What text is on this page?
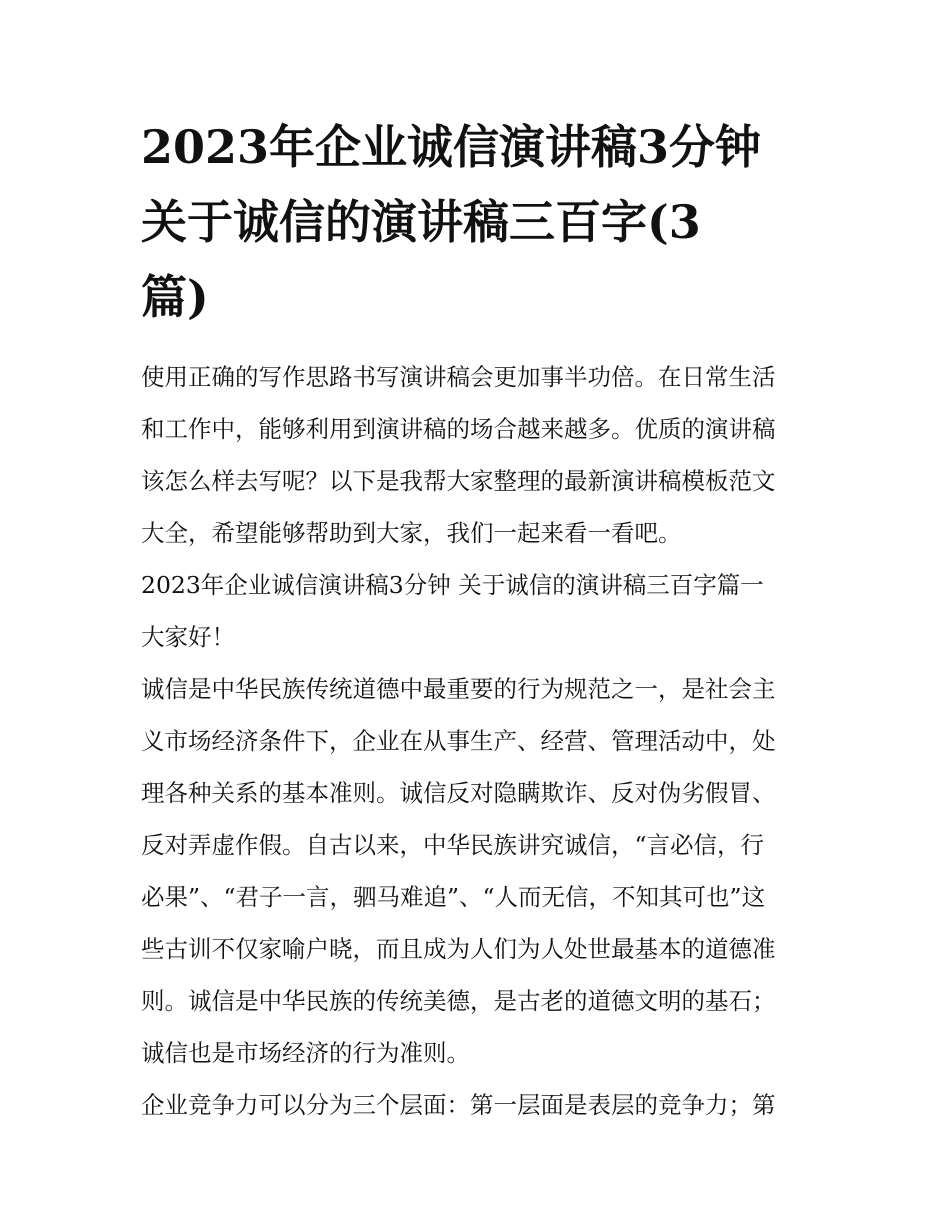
2023年企业诚信演讲稿3分钟
关于诚信的演讲稿三百字(3
篇)
使用正确的写作思路书写演讲稿会更加事半功倍。在日常生活
和工作中，能够利用到演讲稿的场合越来越多。优质的演讲稿
该怎么样去写呢？以下是我帮大家整理的最新演讲稿模板范文
大全，希望能够帮助到大家，我们一起来看一看吧。
2023年企业诚信演讲稿3分钟 关于诚信的演讲稿三百字篇一
大家好！
诚信是中华民族传统道德中最重要的行为规范之一，是社会主
义市场经济条件下，企业在从事生产、经营、管理活动中，处
理各种关系的基本准则。诚信反对隐瞒欺诈、反对伪劣假冒、
反对弄虚作假。自古以来，中华民族讲究诚信，“言必信，行
必果”、“君子一言，驷马难追”、“人而无信，不知其可也”这
些古训不仅家喻户晓，而且成为人们为人处世最基本的道德准
则。诚信是中华民族的传统美德，是古老的道德文明的基石；
诚信也是市场经济的行为准则。
企业竞争力可以分为三个层面：第一层面是表层的竞争力；第
